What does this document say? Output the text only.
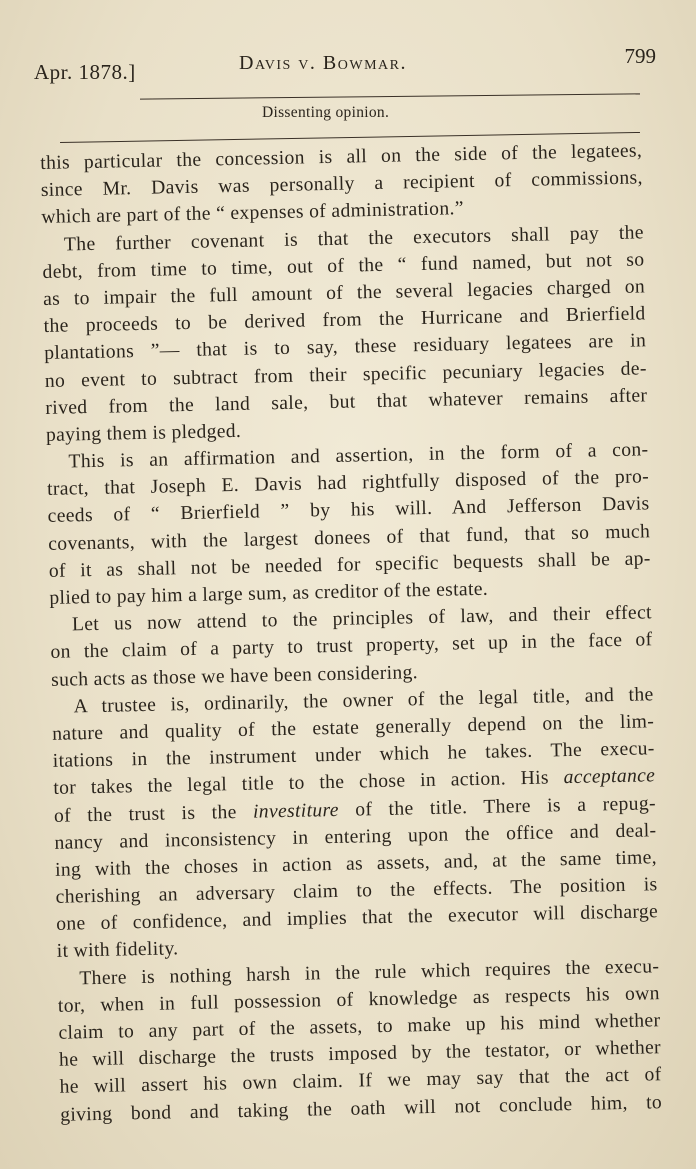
Apr. 1878.]	Davis v. Bowmar.	799
Dissenting opinion.
this particular the concession is all on the side of the legatees,
since Mr. Davis was personally a recipient of commissions,
which are part of the “ expenses of administration.”
The further covenant is that the executors shall pay the
debt, from time to time, out of the “ fund named, but not so
as to impair the full amount of the several legacies charged on
the proceeds to be derived from the Hurricane and Brierfield
plantations ”— that is to say, these residuary legatees are in
no event to subtract from their specific pecuniary legacies de-
rived from the land sale, but that whatever remains after
paying them is pledged.
This is an affirmation and assertion, in the form of a con-
tract, that Joseph E. Davis had rightfully disposed of the pro-
ceeds of “ Brierfield ” by his will. And Jefferson Davis
covenants, with the largest donees of that fund, that so much
of it as shall not be needed for specific bequests shall be ap-
plied to pay him a large sum, as creditor of the estate.
Let us now attend to the principles of law, and their effect
on the claim of a party to trust property, set up in the face of
such acts as those we have been considering.
A trustee is, ordinarily, the owner of the legal title, and the
nature and quality of the estate generally depend on the lim-
itations in the instrument under which he takes. The execu-
tor takes the legal title to the chose in action. His acceptance
of the trust is the investiture of the title. There is a repug-
nancy and inconsistency in entering upon the office and deal-
ing with the choses in action as assets, and, at the same time,
cherishing an adversary claim to the effects. The position is
one of confidence, and implies that the executor will discharge
it with fidelity.
There is nothing harsh in the rule which requires the execu-
tor, when in full possession of knowledge as respects his own
claim to any part of the assets, to make up his mind whether
he will discharge the trusts imposed by the testator, or whether
he will assert his own claim. If we may say that the act of
giving bond and taking the oath will not conclude him, to
